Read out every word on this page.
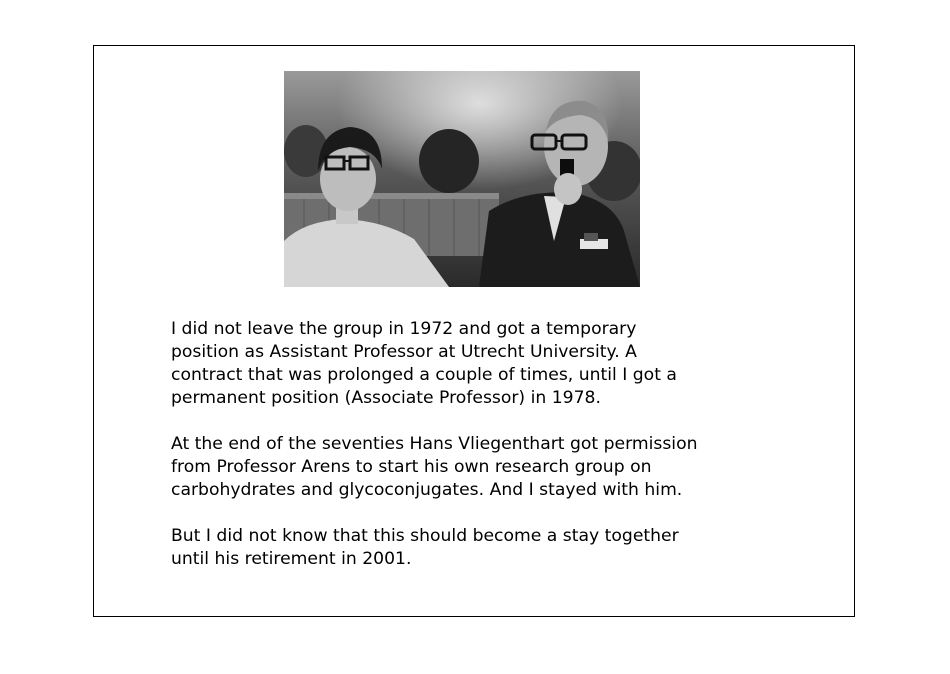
I did not leave the group in 1972 and got a temporary
position as Assistant Professor at Utrecht University. A
contract that was prolonged a couple of times, until I got a
permanent position (Associate Professor) in 1978.

At the end of the seventies Hans Vliegenthart got permission
from Professor Arens to start his own research group on
carbohydrates and glycoconjugates. And I stayed with him.

But I did not know that this should become a stay together
until his retirement in 2001.
